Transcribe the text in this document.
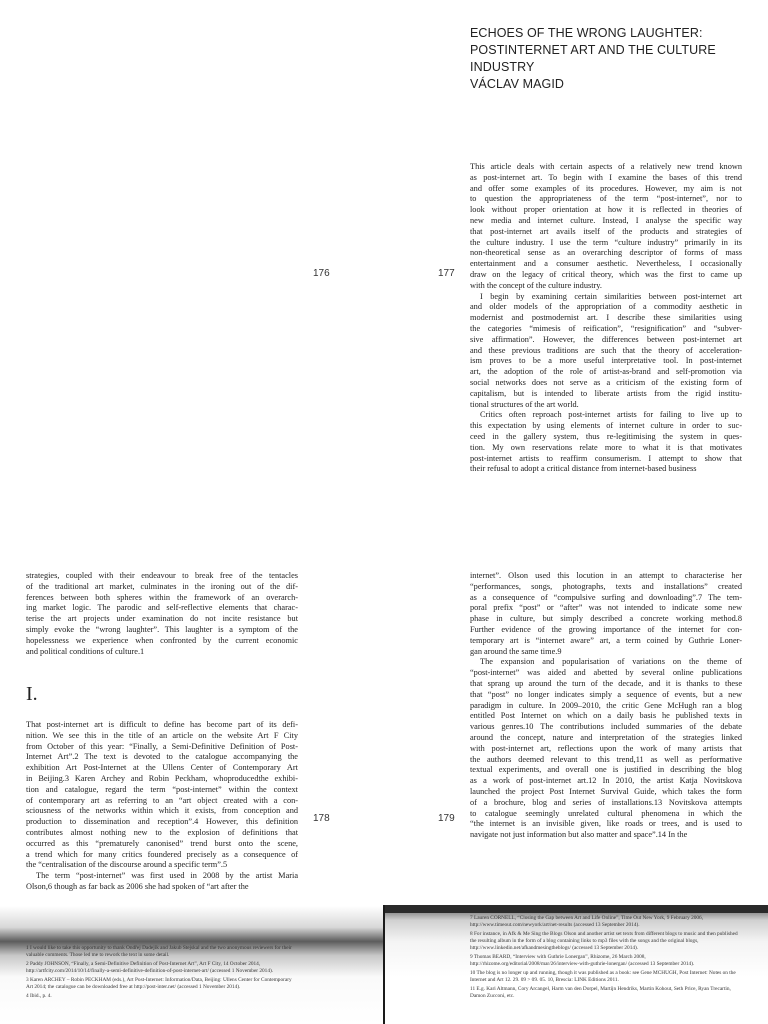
ECHOES OF THE WRONG LAUGHTER:
POSTINTERNET ART AND THE CULTURE
INDUSTRY
VÁCLAV MAGID
176	177
178	179
This article deals with certain aspects of a relatively new trend known
as post-internet art. To begin with I examine the bases of this trend
and offer some examples of its procedures. However, my aim is not
to question the appropriateness of the term “post-internet”, nor to
look without proper orientation at how it is reflected in theories of
new media and internet culture. Instead, I analyse the specific way
that post-internet art avails itself of the products and strategies of
the culture industry. I use the term “culture industry” primarily in its
non-theoretical sense as an overarching descriptor of forms of mass
entertainment and a consumer aesthetic. Nevertheless, I occasionally
draw on the legacy of critical theory, which was the first to came up
with the concept of the culture industry.
I begin by examining certain similarities between post-internet art
and older models of the appropriation of a commodity aesthetic in
modernist and postmodernist art. I describe these similarities using
the categories “mimesis of reification”, “resignification” and “subver-
sive affirmation”. However, the differences between post-internet art
and these previous traditions are such that the theory of acceleration-
ism proves to be a more useful interpretative tool. In post-internet
art, the adoption of the role of artist-as-brand and self-promotion via
social networks does not serve as a criticism of the existing form of
capitalism, but is intended to liberate artists from the rigid institu-
tional structures of the art world.
Critics often reproach post-internet artists for failing to live up to
this expectation by using elements of internet culture in order to suc-
ceed in the gallery system, thus re-legitimising the system in ques-
tion. My own reservations relate more to what it is that motivates
post-internet artists to reaffirm consumerism. I attempt to show that
their refusal to adopt a critical distance from internet-based business
strategies, coupled with their endeavour to break free of the tentacles
of the traditional art market, culminates in the ironing out of the dif-
ferences between both spheres within the framework of an overarch-
ing market logic. The parodic and self-reflective elements that charac-
terise the art projects under examination do not incite resistance but
simply evoke the “wrong laughter”. This laughter is a symptom of the
hopelessness we experience when confronted by the current economic
and political conditions of culture.1
I.
That post-internet art is difficult to define has become part of its defi-
nition. We see this in the title of an article on the website Art F City
from October of this year: “Finally, a Semi-Definitive Definition of Post-
Internet Art”.2 The text is devoted to the catalogue accompanying the
exhibition Art Post-Internet at the Ullens Center of Contemporary Art
in Beijing.3 Karen Archey and Robin Peckham, whoproducedthe exhibi-
tion and catalogue, regard the term “post-internet” within the context
of contemporary art as referring to an “art object created with a con-
sciousness of the networks within which it exists, from conception and
production to dissemination and reception”.4 However, this definition
contributes almost nothing new to the explosion of definitions that
occurred as this “prematurely canonised” trend burst onto the scene,
a trend which for many critics foundered precisely as a consequence of
the “centralisation of the discourse around a specific term”.5
The term “post-internet” was first used in 2008 by the artist Maria
Olson,6 though as far back as 2006 she had spoken of “art after the
internet”. Olson used this locution in an attempt to characterise her
“performances, songs, photographs, texts and installations” created
as a consequence of “compulsive surfing and downloading”.7 The tem-
poral prefix “post” or “after” was not intended to indicate some new
phase in culture, but simply described a concrete working method.8
Further evidence of the growing importance of the internet for con-
temporary art is “internet aware” art, a term coined by Guthrie Loner-
gan around the same time.9
The expansion and popularisation of variations on the theme of
“post-internet” was aided and abetted by several online publications
that sprang up around the turn of the decade, and it is thanks to these
that “post” no longer indicates simply a sequence of events, but a new
paradigm in culture. In 2009–2010, the critic Gene McHugh ran a blog
entitled Post Internet on which on a daily basis he published texts in
various genres.10 The contributions included summaries of the debate
around the concept, nature and interpretation of the strategies linked
with post-internet art, reflections upon the work of many artists that
the authors deemed relevant to this trend,11 as well as performative
textual experiments, and overall one is justified in describing the blog
as a work of post-internet art.12 In 2010, the artist Katja Novitskova
launched the project Post Internet Survival Guide, which takes the form
of a brochure, blog and series of installations.13 Novitskova attempts
to catalogue seemingly unrelated cultural phenomena in which the
“the internet is an invisible given, like roads or trees, and is used to
navigate not just information but also matter and space”.14 In the

1 I would like to take this opportunity to thank Ondřej Dadejík and Jakub Stejskal and the two anonymous reviewers for their valuable comments. Those led me to rework the text in some detail.

2 Paddy JOHNSON, “Finally, a Semi-Definitive Definition of Post-Internet Art”, Art F City, 14 October 2014, http://artfcity.com/2014/10/14/finally-a-semi-definitive-definition-of-post-internet-art/ (accessed 1 November 2014).

3 Karen ARCHEY – Robin PECKHAM (eds.), Art Post-Internet: Information/Data, Beijing: Ullens Center for Contemporary Art 2014; the catalogue can be downloaded free at http://post-inter.net/ (accessed 1 November 2014).

4 Ibid., p. 4.

7 Lauren CORNELL, “Closing the Gap between Art and Life Online”, Time Out New York, 9 February 2006, http://www.timeout.com/newyork/art/net-results (accessed 13 September 2014).

8 For instance, in Afk & Me Sing the Blogs Olson and another artist set texts from different blogs to music and then published the resulting album in the form of a blog containing links to mp3 files with the songs and the original blogs, http://www.linkedin.net/afkandmesingtheblogs/ (accessed 13 September 2014).

9 Thomas BEARD, “Interview with Guthrie Lonergan”, Rhizome, 26 March 2008, http://rhizome.org/editorial/2008/mar/26/interview-with-guthrie-lonergan/ (accessed 13 September 2014).

10 The blog is no longer up and running, though it was published as a book: see Gene MCHUGH, Post Internet: Notes on the Internet and Art 12. 29. 09 > 09. 05. 10, Brescia: LINK Editions 2011.

11 E.g. Kari Altmann, Cory Arcangel, Harm van den Dorpel, Martijn Hendriks, Martin Kohout, Seth Price, Ryan Trecartin, Damon Zucconi, etc.
